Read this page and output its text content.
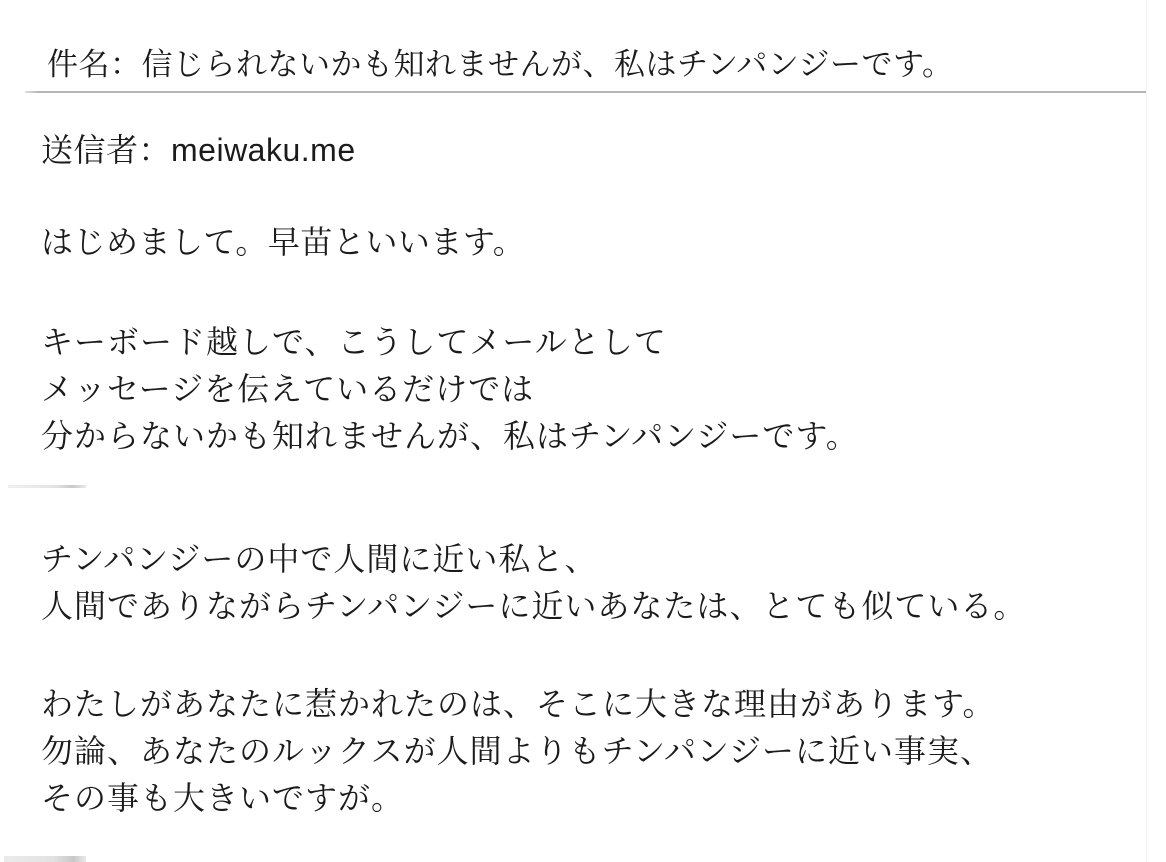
件名：信じられないかも知れませんが、私はチンパンジーです。
送信者：meiwaku.me
はじめまして。早苗といいます。
キーボード越しで、こうしてメールとして
メッセージを伝えているだけでは
分からないかも知れませんが、私はチンパンジーです。
チンパンジーの中で人間に近い私と、
人間でありながらチンパンジーに近いあなたは、とても似ている。
わたしがあなたに惹かれたのは、そこに大きな理由があります。
勿論、あなたのルックスが人間よりもチンパンジーに近い事実、
その事も大きいですが。
